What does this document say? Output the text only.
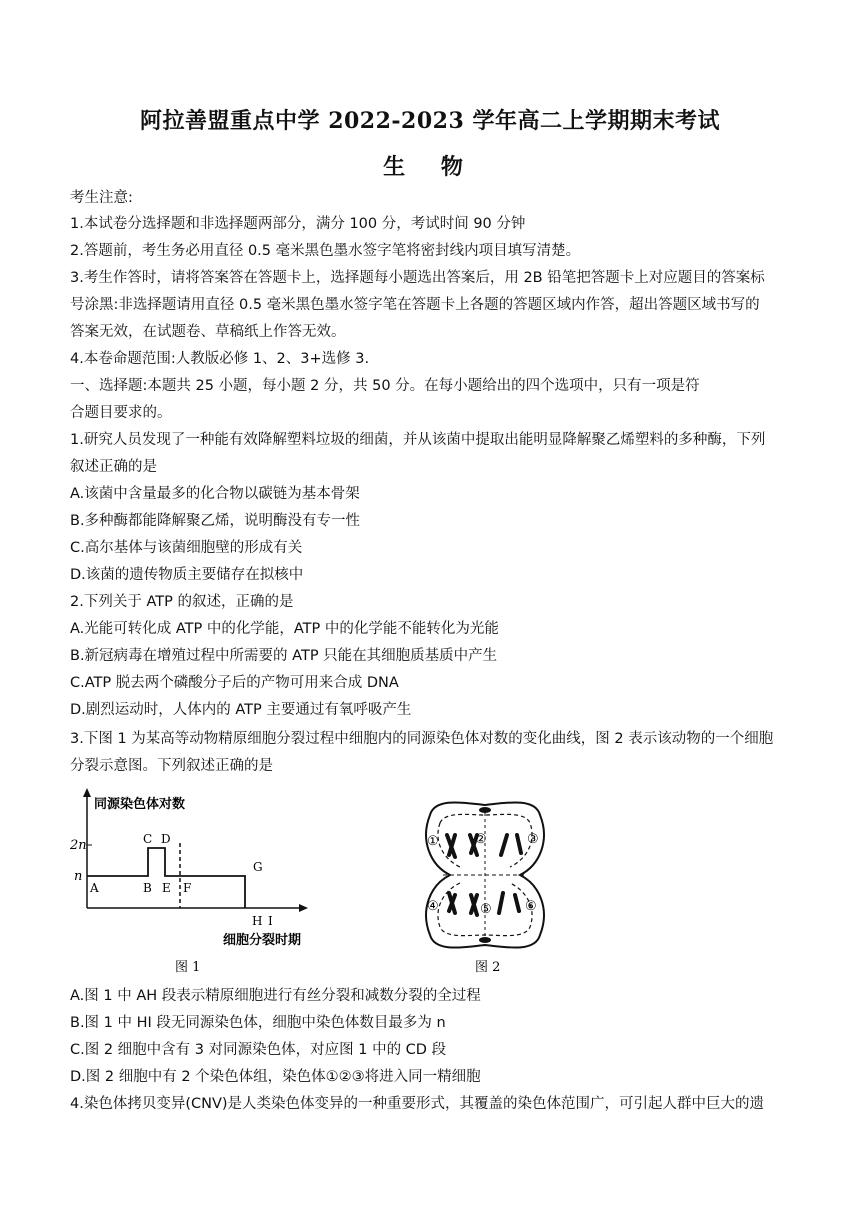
阿拉善盟重点中学 2022-2023 学年高二上学期期末考试
生 物
考生注意:
1.本试卷分选择题和非选择题两部分，满分 100 分，考试时间 90 分钟
2.答题前，考生务必用直径 0.5 毫米黑色墨水签字笔将密封线内项目填写清楚。
3.考生作答时，请将答案答在答题卡上，选择题每小题选出答案后，用 2B 铅笔把答题卡上对应题目的答案标
号涂黑:非选择题请用直径 0.5 毫米黑色墨水签字笔在答题卡上各题的答题区域内作答，超出答题区域书写的
答案无效，在试题卷、草稿纸上作答无效。
4.本卷命题范围:人教版必修 1、2、3+选修 3.
一、选择题:本题共 25 小题，每小题 2 分，共 50 分。在每小题给出的四个选项中，只有一项是符
合题目要求的。
1.研究人员发现了一种能有效降解塑料垃圾的细菌，并从该菌中提取出能明显降解聚乙烯塑料的多种酶，下列
叙述正确的是
A.该菌中含量最多的化合物以碳链为基本骨架
B.多种酶都能降解聚乙烯，说明酶没有专一性
C.高尔基体与该菌细胞壁的形成有关
D.该菌的遗传物质主要储存在拟核中
2.下列关于 ATP 的叙述，正确的是
A.光能可转化成 ATP 中的化学能，ATP 中的化学能不能转化为光能
B.新冠病毒在增殖过程中所需要的 ATP 只能在其细胞质基质中产生
C.ATP 脱去两个磷酸分子后的产物可用来合成 DNA
D.剧烈运动时，人体内的 ATP 主要通过有氧呼吸产生
3.下图 1 为某高等动物精原细胞分裂过程中细胞内的同源染色体对数的变化曲线，图 2 表示该动物的一个细胞
分裂示意图。下列叙述正确的是
同源染色体对数
2n
n
A
C D
B E F
G
H I
细胞分裂时期
图 1
①	②	③
④	⑤	⑥
图 2
A.图 1 中 AH 段表示精原细胞进行有丝分裂和减数分裂的全过程
B.图 1 中 HI 段无同源染色体，细胞中染色体数目最多为 n
C.图 2 细胞中含有 3 对同源染色体，对应图 1 中的 CD 段
D.图 2 细胞中有 2 个染色体组，染色体①②③将进入同一精细胞
4.染色体拷贝变异(CNV)是人类染色体变异的一种重要形式，其覆盖的染色体范围广，可引起人群中巨大的遗
